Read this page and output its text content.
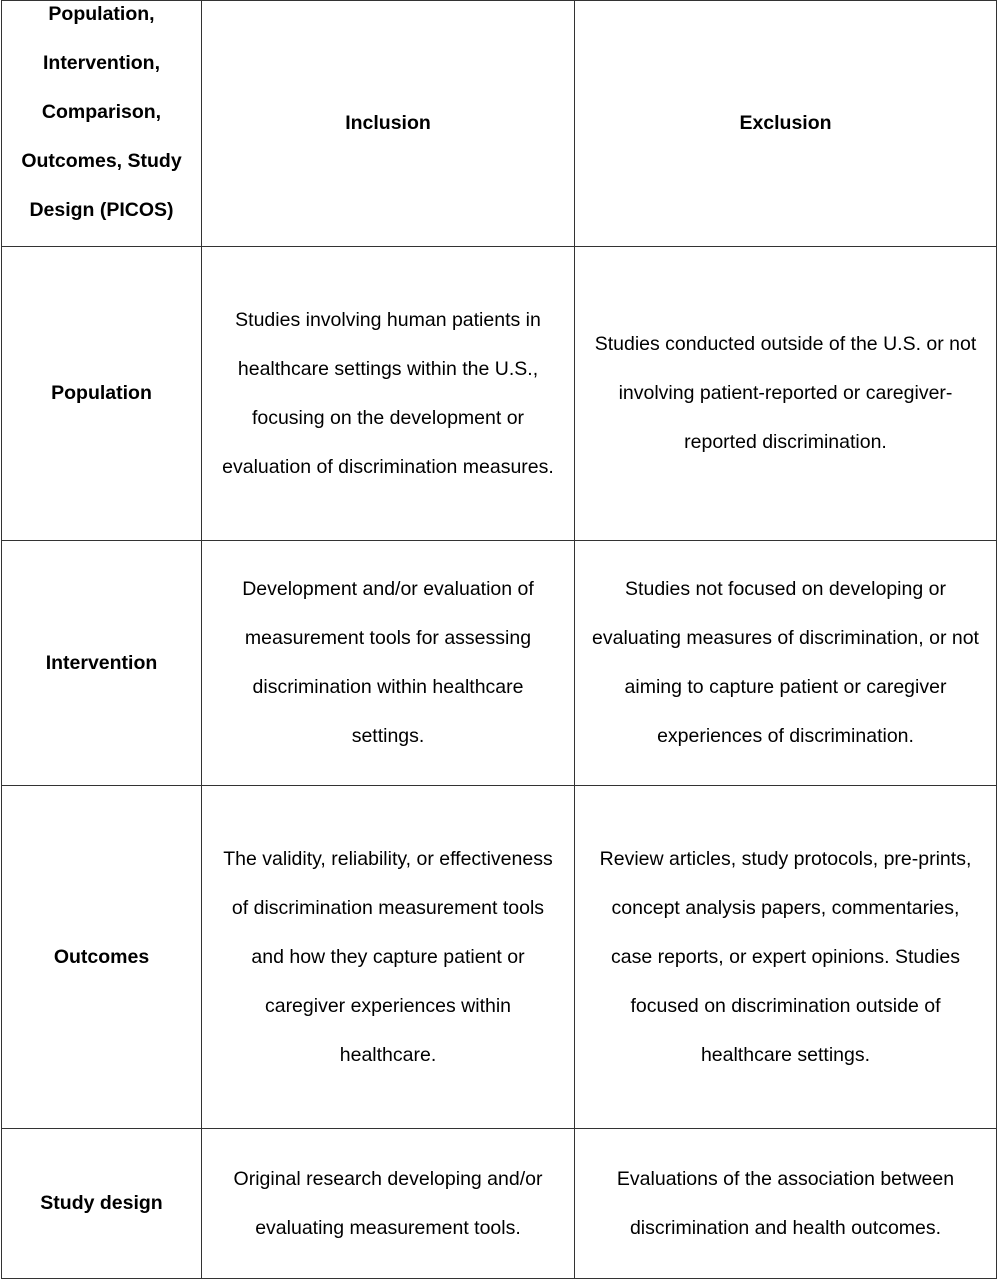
Population,
Intervention,
Comparison,
Outcomes, Study
Design (PICOS)	Inclusion	Exclusion
Population	Studies involving human patients in healthcare settings within the U.S., focusing on the development or evaluation of discrimination measures.	Studies conducted outside of the U.S. or not involving patient-reported or caregiver-reported discrimination.
Intervention	Development and/or evaluation of measurement tools for assessing discrimination within healthcare settings.	Studies not focused on developing or evaluating measures of discrimination, or not aiming to capture patient or caregiver experiences of discrimination.
Outcomes	The validity, reliability, or effectiveness of discrimination measurement tools and how they capture patient or caregiver experiences within healthcare.	Review articles, study protocols, pre-prints, concept analysis papers, commentaries, case reports, or expert opinions. Studies focused on discrimination outside of healthcare settings.
Study design	Original research developing and/or evaluating measurement tools.	Evaluations of the association between discrimination and health outcomes.
